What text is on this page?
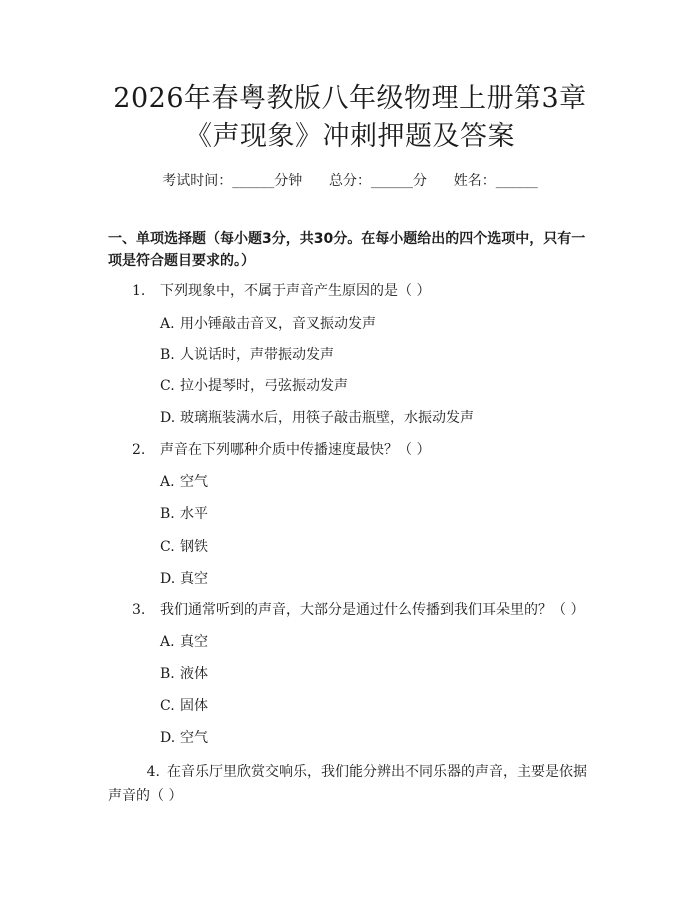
2026年春粤教版八年级物理上册第3章《声现象》冲刺押题及答案
考试时间：______分钟      总分：______分      姓名：______
一、单项选择题（每小题3分，共30分。在每小题给出的四个选项中，只有一项是符合题目要求的。）
1. 下列现象中，不属于声音产生原因的是（ ）
A. 用小锤敲击音叉，音叉振动发声
B. 人说话时，声带振动发声
C. 拉小提琴时，弓弦振动发声
D. 玻璃瓶装满水后，用筷子敲击瓶壁，水振动发声
2. 声音在下列哪种介质中传播速度最快？（ ）
A. 空气
B. 水平
C. 钢铁
D. 真空
3. 我们通常听到的声音，大部分是通过什么传播到我们耳朵里的？（ ）
A. 真空
B. 液体
C. 固体
D. 空气
4. 在音乐厅里欣赏交响乐，我们能分辨出不同乐器的声音，主要是依据声音的（ ）
